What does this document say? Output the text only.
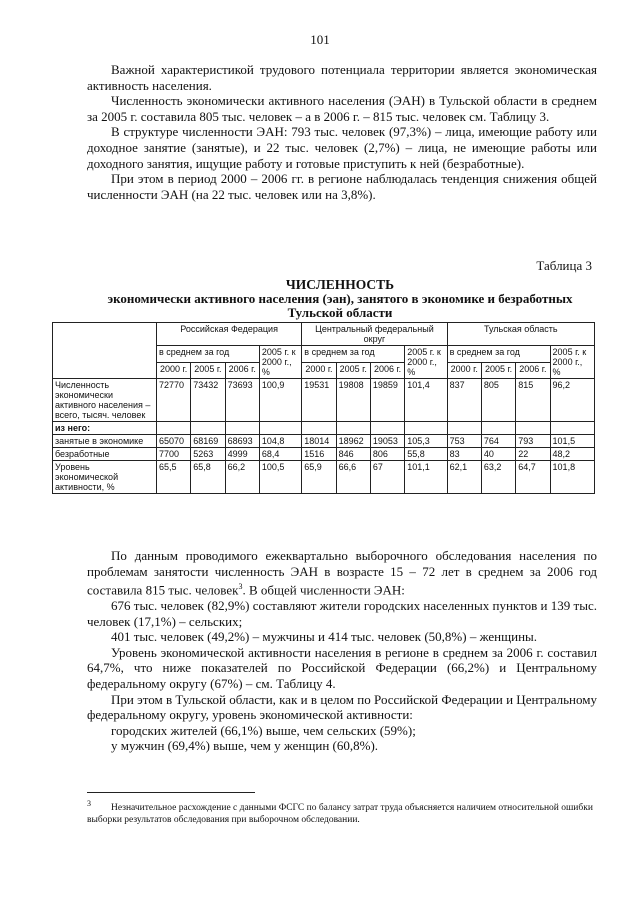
101

Важной характеристикой трудового потенциала территории является экономическая активность населения.

Численность экономически активного населения (ЭАН) в Тульской области в среднем за 2005 г. составила 805 тыс. человек – а в 2006 г. – 815 тыс. человек см. Таблицу 3.

В структуре численности ЭАН: 793 тыс. человек (97,3%) – лица, имеющие работу или доходное занятие (занятые), и 22 тыс. человек (2,7%) – лица, не имеющие работы или доходного занятия, ищущие работу и готовые приступить к ней (безработные).

При этом в период 2000 – 2006 гг. в регионе наблюдалась тенденция снижения общей численности ЭАН (на 22 тыс. человек или на 3,8%).

Таблица 3
ЧИСЛЕННОСТЬ
экономически активного населения (эан), занятого в экономике и безработных
Тульской области
	Российская Федерация				Центральный федеральный округ				Тульская область			
	в среднем за год			2005 г. к 2000 г., %	в среднем за год			2005 г. к 2000 г., %	в среднем за год			2005 г. к 2000 г., %
	2000 г.	2005 г.	2006 г.		2000 г.	2005 г.	2006 г.		2000 г.	2005 г.	2006 г.	
Численность экономически активного населения – всего, тысяч. человек	72770	73432	73693	100,9	19531	19808	19859	101,4	837	805	815	96,2
из него:												
занятые в экономике	65070	68169	68693	104,8	18014	18962	19053	105,3	753	764	793	101,5
безработные	7700	5263	4999	68,4	1516	846	806	55,8	83	40	22	48,2
Уровень экономической активности, %	65,5	65,8	66,2	100,5	65,9	66,6	67	101,1	62,1	63,2	64,7	101,8

По данным проводимого ежеквартально выборочного обследования населения по проблемам занятости численность ЭАН в возрасте 15 – 72 лет в среднем за 2006 год составила 815 тыс. человек$^3$. В общей численности ЭАН:

676 тыс. человек (82,9%) составляют жители городских населенных пунктов и 139 тыс. человек (17,1%) – сельских;

401 тыс. человек (49,2%) – мужчины и 414 тыс. человек (50,8%) – женщины.

Уровень экономической активности населения в регионе в среднем за 2006 г. составил 64,7%, что ниже показателей по Российской Федерации (66,2%) и Центральному федеральному округу (67%) – см. Таблицу 4.

При этом в Тульской области, как и в целом по Российской Федерации и Центральному федеральному округу, уровень экономической активности:

городских жителей (66,1%) выше, чем сельских (59%);

у мужчин (69,4%) выше, чем у женщин (60,8%).

3	Незначительное расхождение с данными ФСГС по балансу затрат труда объясняется наличием относительной ошибки выборки результатов обследования при выборочном обследовании.
